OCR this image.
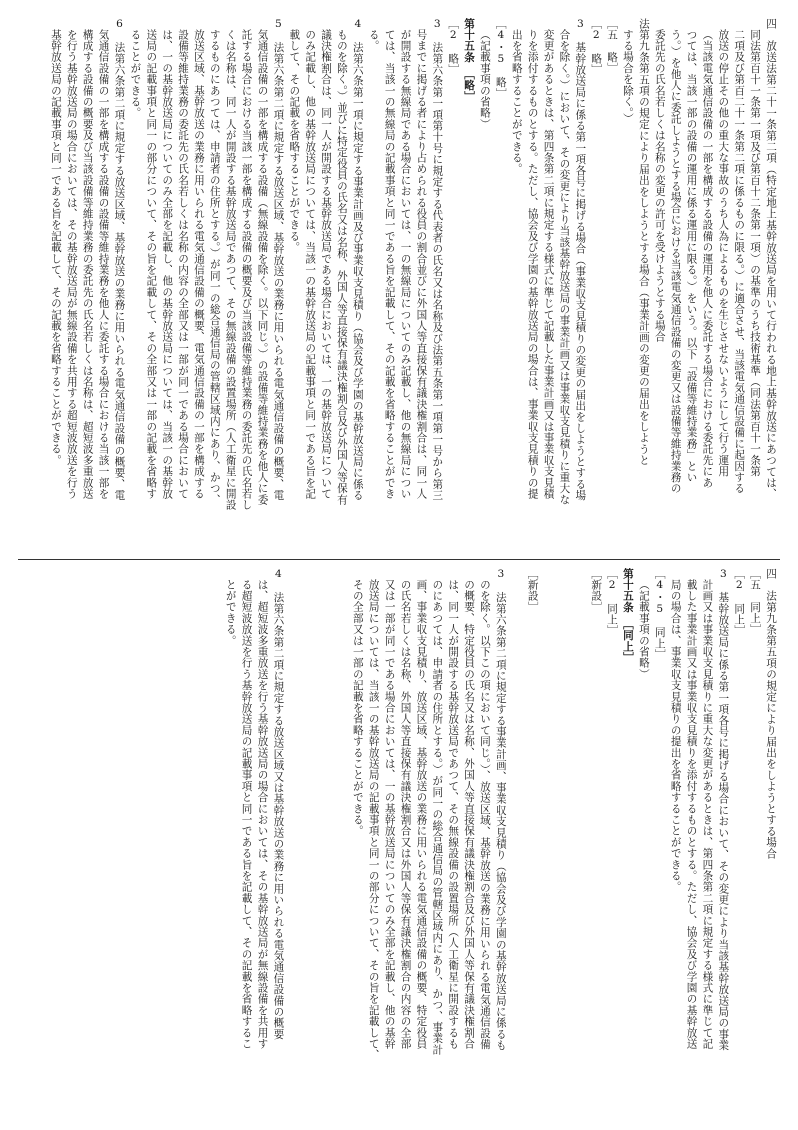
四　放送法第二十一条第二項（特定地上基幹放送局を用いて行われる地上基幹放送にあつては、
同法第百十一条第一項及び第百十二条第一項）の基準のうち技術基準（同法第百十一条第
二項及び第百二十一条第二項に係るものに限る。）に適合させ、当該電気通信設備に起因する
放送の停止その他の重大な事故のうち人為によるものを生じさせないようにして行う運用
（当該電気通信設備の一部を構成する設備の運用を他人に委託する場合における委託先にあ
つては、当該一部の設備の運用に係る運用に限る。）をいう。以下「設備等維持業務」とい
う。）を他人に委託しようとする場合における当該電気通信設備の変更又は設備等維持業務の
委託先の氏名若しくは名称の変更の許可を受けようとする場合
法第九条第五項の規定により届出をしようとする場合（事業計画の変更の届出をしようと
する場合を除く。）
［五　略］
［2　略］
3　基幹放送局に係る第一項各号に掲げる場合（事業収支見積りの変更の届出をしようとする場
合を除く。）において、その変更により当該基幹放送局の事業計画又は事業収支見積りに重大な
変更があるときは、第四条第二項に規定する様式に準じて記載した事業計画又は事業収支見積
りを添付するものとする。ただし、協会及び学園の基幹放送局の場合は、事業収支見積りの提
出を省略することができる。
［4・5　略］
（記載事項の省略）
第十五条　［略］
［2　略］
3　法第六条第一項第十号に規定する代表者の氏名又は名称及び法第五条第一項第一号から第三
号までに掲げる者により占められる役員の割合並びに外国人等直接保有議決権割合は、同一人
が開設する無線局である場合においては、一の無線局についてのみ記載し、他の無線局につい
ては、当該一の無線局の記載事項と同一である旨を記載して、その記載を省略することができ
る。
4　法第六条第一項に規定する事業計画及び事業収支見積り（協会及び学園の基幹放送局に係る
ものを除く。）並びに特定役員の氏名又は名称、外国人等直接保有議決権割合及び外国人等保有
議決権割合は、同一人が開設する基幹放送局である場合においては、一の基幹放送局について
のみ記載し、他の基幹放送局については、当該一の基幹放送局の記載事項と同一である旨を記
載して、その記載を省略することができる。
5　法第六条第二項に規定する放送区域、基幹放送の業務に用いられる電気通信設備の概要、電
気通信設備の一部を構成する設備（無線設備を除く。以下同じ。）の設備等維持業務を他人に委
託する場合における当該一部を構成する設備の概要及び当該設備等維持業務の委託先の氏名若し
くは名称は、同一人が開設する基幹放送局であつて、その無線設備の設置場所（人工衛星に開設
するものにあつては、申請者の住所とする。）が同一の総合通信局の管轄区域内にあり、かつ、
放送区域、基幹放送の業務に用いられる電気通信設備の概要、電気通信設備の一部を構成する
設備等維持業務の委託先の氏名若しくは名称の内容の全部又は一部が同一である場合において
は、一の基幹放送局についてのみ全部を記載し、他の基幹放送局については、当該一の基幹放
送局の記載事項と同一の部分について、その旨を記載して、その全部又は一部の記載を省略す
ることができる。
6　法第六条第二項に規定する放送区域、基幹放送の業務に用いられる電気通信設備の概要、電
気通信設備の一部を構成する設備の設備等維持業務を他人に委託する場合における当該一部を
構成する設備の概要及び当該設備等維持業務の委託先の氏名若しくは名称は、超短波多重放送
を行う基幹放送局の場合においては、その基幹放送局が無線設備を共用する超短波放送を行う
基幹放送局の記載事項と同一である旨を記載して、その記載を省略することができる。
四　法第九条第五項の規定により届出をしようとする場合
［五　同上］
［2　同上］
3　基幹放送局に係る第一項各号に掲げる場合において、その変更により当該基幹放送局の事業
計画又は事業収支見積りに重大な変更があるときは、第四条第二項に規定する様式に準じて記
載した事業計画又は事業収支見積りを添付するものとする。ただし、協会及び学園の基幹放送
局の場合は、事業収支見積りの提出を省略することができる。
［4・5　同上］
（記載事項の省略）
第十五条　［同上］
［2　同上］
［新設］
［新設］
3　法第六条第二項に規定する事業計画、事業収支見積り（協会及び学園の基幹放送局に係るも
のを除く。以下この項において同じ。）、放送区域、基幹放送の業務に用いられる電気通信設備
の概要、特定役員の氏名又は名称、外国人等直接保有議決権割合及び外国人等保有議決権割合
は、同一人が開設する基幹放送局であつて、その無線設備の設置場所（人工衛星に開設するも
のにあつては、申請者の住所とする。）が同一の総合通信局の管轄区域内にあり、かつ、事業計
画、事業収支見積り、放送区域、基幹放送の業務に用いられる電気通信設備の概要、特定役員
の氏名若しくは名称、外国人等直接保有議決権割合又は外国人等保有議決権割合の内容の全部
又は一部が同一である場合においては、一の基幹放送局についてのみ全部を記載し、他の基幹
放送局については、当該一の基幹放送局の記載事項と同一の部分について、その旨を記載して、
その全部又は一部の記載を省略することができる。
4　法第六条第二項に規定する放送区域又は基幹放送の業務に用いられる電気通信設備の概要
は、超短波多重放送を行う基幹放送局の場合においては、その基幹放送局が無線設備を共用す
る超短波放送を行う基幹放送局の記載事項と同一である旨を記載して、その記載を省略するこ
とができる。
